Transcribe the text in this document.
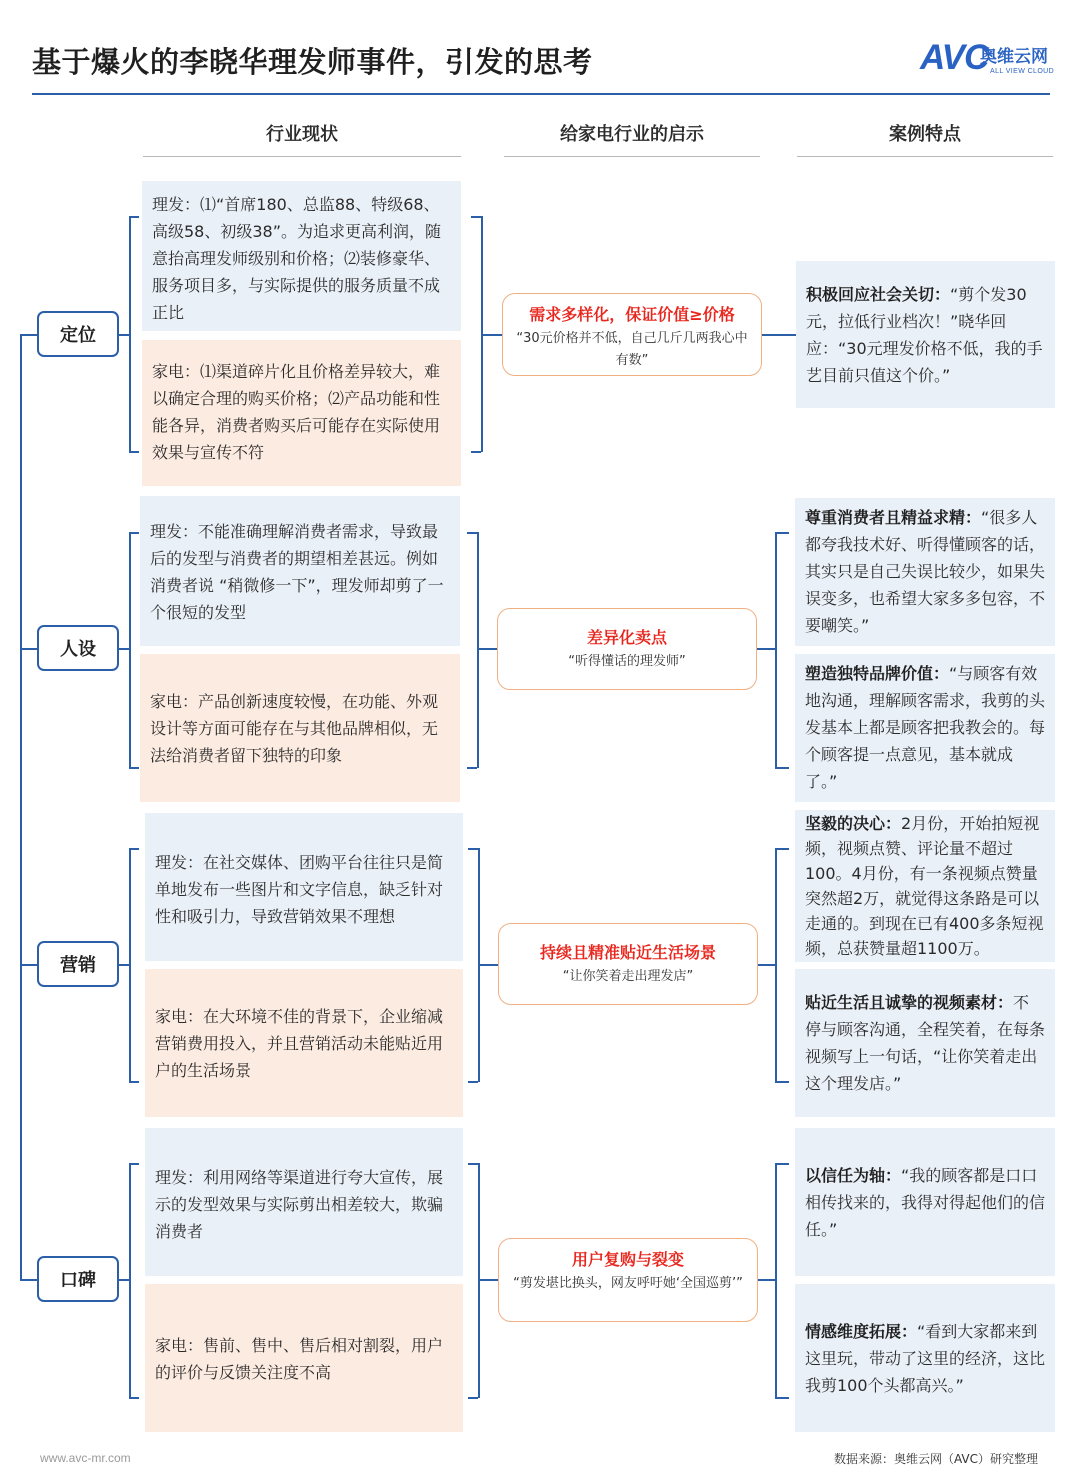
基于爆火的李晓华理发师事件，引发的思考	AVC
奥维云网
ALL VIEW CLOUD
行业现状	给家电行业的启示	案例特点
定位
理发：⑴“首席180、总监88、特级68、高级58、初级38”。为追求更高利润，随意抬高理发师级别和价格；⑵装修豪华、服务项目多，与实际提供的服务质量不成正比
家电：⑴渠道碎片化且价格差异较大，难以确定合理的购买价格；⑵产品功能和性能各异，消费者购买后可能存在实际使用效果与宣传不符
需求多样化，保证价值≥价格
“30元价格并不低，自己几斤几两我心中有数”
积极回应社会关切：“剪个发30元，拉低行业档次！”晓华回应：“30元理发价格不低，我的手艺目前只值这个价。”
人设
理发：不能准确理解消费者需求，导致最后的发型与消费者的期望相差甚远。例如消费者说 “稍微修一下”，理发师却剪了一个很短的发型
家电：产品创新速度较慢，在功能、外观设计等方面可能存在与其他品牌相似，无法给消费者留下独特的印象
差异化卖点
“听得懂话的理发师”
尊重消费者且精益求精：“很多人都夸我技术好、听得懂顾客的话，其实只是自己失误比较少，如果失误变多，也希望大家多多包容，不要嘲笑。”
塑造独特品牌价值：“与顾客有效地沟通，理解顾客需求，我剪的头发基本上都是顾客把我教会的。每个顾客提一点意见，基本就成了。”
营销
理发：在社交媒体、团购平台往往只是简单地发布一些图片和文字信息，缺乏针对性和吸引力，导致营销效果不理想
家电：在大环境不佳的背景下，企业缩减营销费用投入，并且营销活动未能贴近用户的生活场景
持续且精准贴近生活场景
“让你笑着走出理发店”
坚毅的决心：2月份，开始拍短视频，视频点赞、评论量不超过100。4月份，有一条视频点赞量突然超2万，就觉得这条路是可以走通的。到现在已有400多条短视频，总获赞量超1100万。
贴近生活且诚挚的视频素材：不停与顾客沟通，全程笑着，在每条视频写上一句话，“让你笑着走出这个理发店。”
口碑
理发：利用网络等渠道进行夸大宣传，展示的发型效果与实际剪出相差较大，欺骗消费者
家电：售前、售中、售后相对割裂，用户的评价与反馈关注度不高
用户复购与裂变
“剪发堪比换头，网友呼吁她‘全国巡剪’”
以信任为轴：“我的顾客都是口口相传找来的，我得对得起他们的信任。”
情感维度拓展：“看到大家都来到这里玩，带动了这里的经济，这比我剪100个头都高兴。”
www.avc-mr.com	数据来源：奥维云网（AVC）研究整理
